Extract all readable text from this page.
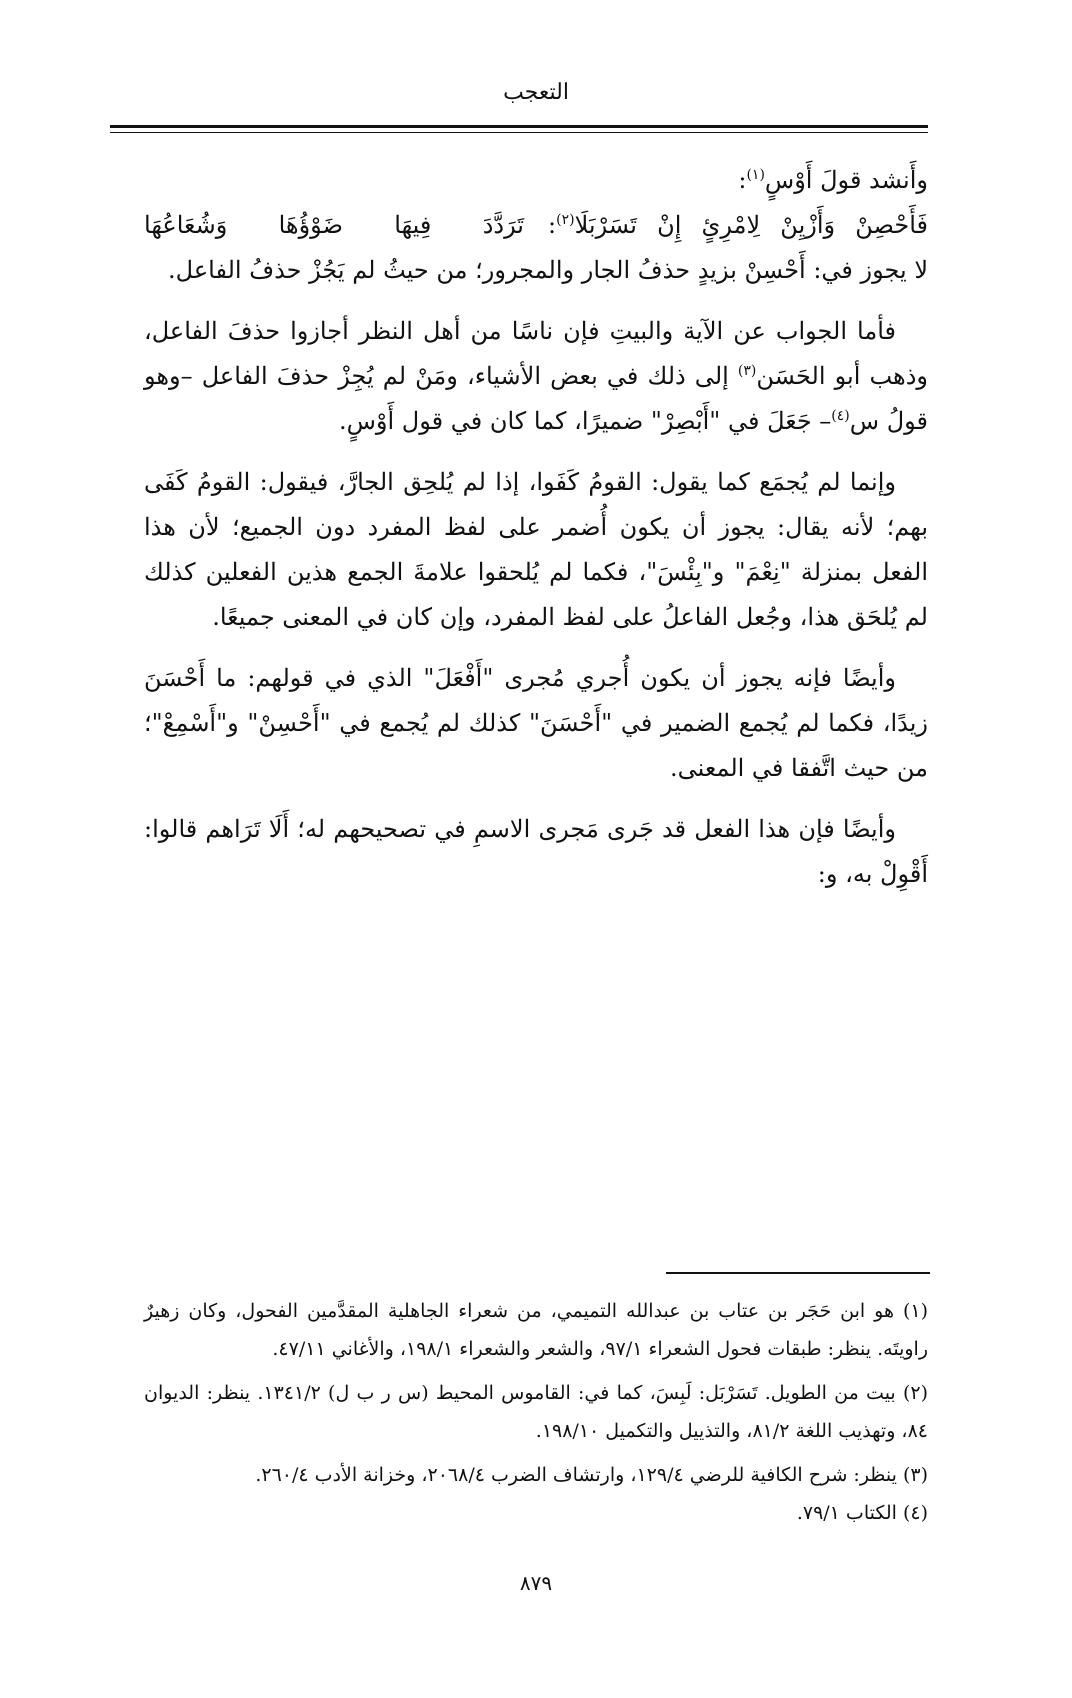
التعجب

وأَنشد قولَ أَوْسٍ$^{(١)}$:

فَأَحْصِنْ وَأَزْيِنْ لِامْرِئٍ إِنْ تَسَرْبَلَا$^{(٢)}$:
تَرَدَّدَ فِيهَا ضَوْؤُهَا وَشُعَاعُهَا

لا يجوز في: أَحْسِنْ بزيدٍ حذفُ الجار والمجرور؛ من حيثُ لم يَجُزْ حذفُ الفاعل.

فأما الجواب عن الآية والبيتِ فإن ناسًا من أهل النظر أجازوا حذفَ الفاعل، وذهب أبو الحَسَن$^{(٣)}$ إلى ذلك في بعض الأشياء، ومَنْ لم يُجِزْ حذفَ الفاعل –وهو قولُ س$^{(٤)}$– جَعَلَ في "أَبْصِرْ" ضميرًا، كما كان في قول أَوْسٍ.

وإنما لم يُجمَع كما يقول: القومُ كَفَوا، إذا لم يُلحِق الجارَّ، فيقول: القومُ كَفَى بهم؛ لأنه يقال: يجوز أن يكون أُضمر على لفظ المفرد دون الجميع؛ لأن هذا الفعل بمنزلة "نِعْمَ" و"بِئْسَ"، فكما لم يُلحقوا علامةَ الجمع هذين الفعلين كذلك لم يُلحَق هذا، وجُعل الفاعلُ على لفظ المفرد، وإن كان في المعنى جميعًا.

وأيضًا فإنه يجوز أن يكون أُجري مُجرى "أَفْعَلَ" الذي في قولهم: ما أَحْسَنَ زيدًا، فكما لم يُجمع الضمير في "أَحْسَنَ" كذلك لم يُجمع في "أَحْسِنْ" و"أَسْمِعْ"؛ من حيث اتَّفقا في المعنى.

وأيضًا فإن هذا الفعل قد جَرى مَجرى الاسمِ في تصحيحهم له؛ أَلَا تَرَاهم قالوا: أَقْوِلْ به، و:

(١) هو ابن حَجَر بن عتاب بن عبدالله التميمي، من شعراء الجاهلية المقدَّمين الفحول، وكان زهيرٌ راويتَه. ينظر: طبقات فحول الشعراء ٩٧/١، والشعر والشعراء ١٩٨/١، والأغاني ٤٧/١١.

(٢) بيت من الطويل. تَسَرْبَل: لَبِسَ، كما في: القاموس المحيط (س ر ب ل) ١٣٤١/٢. ينظر: الديوان ٨٤، وتهذيب اللغة ٨١/٢، والتذييل والتكميل ١٩٨/١٠.

(٣) ينظر: شرح الكافية للرضي ١٢٩/٤، وارتشاف الضرب ٢٠٦٨/٤، وخزانة الأدب ٢٦٠/٤.

(٤) الكتاب ٧٩/١.

٨٧٩
